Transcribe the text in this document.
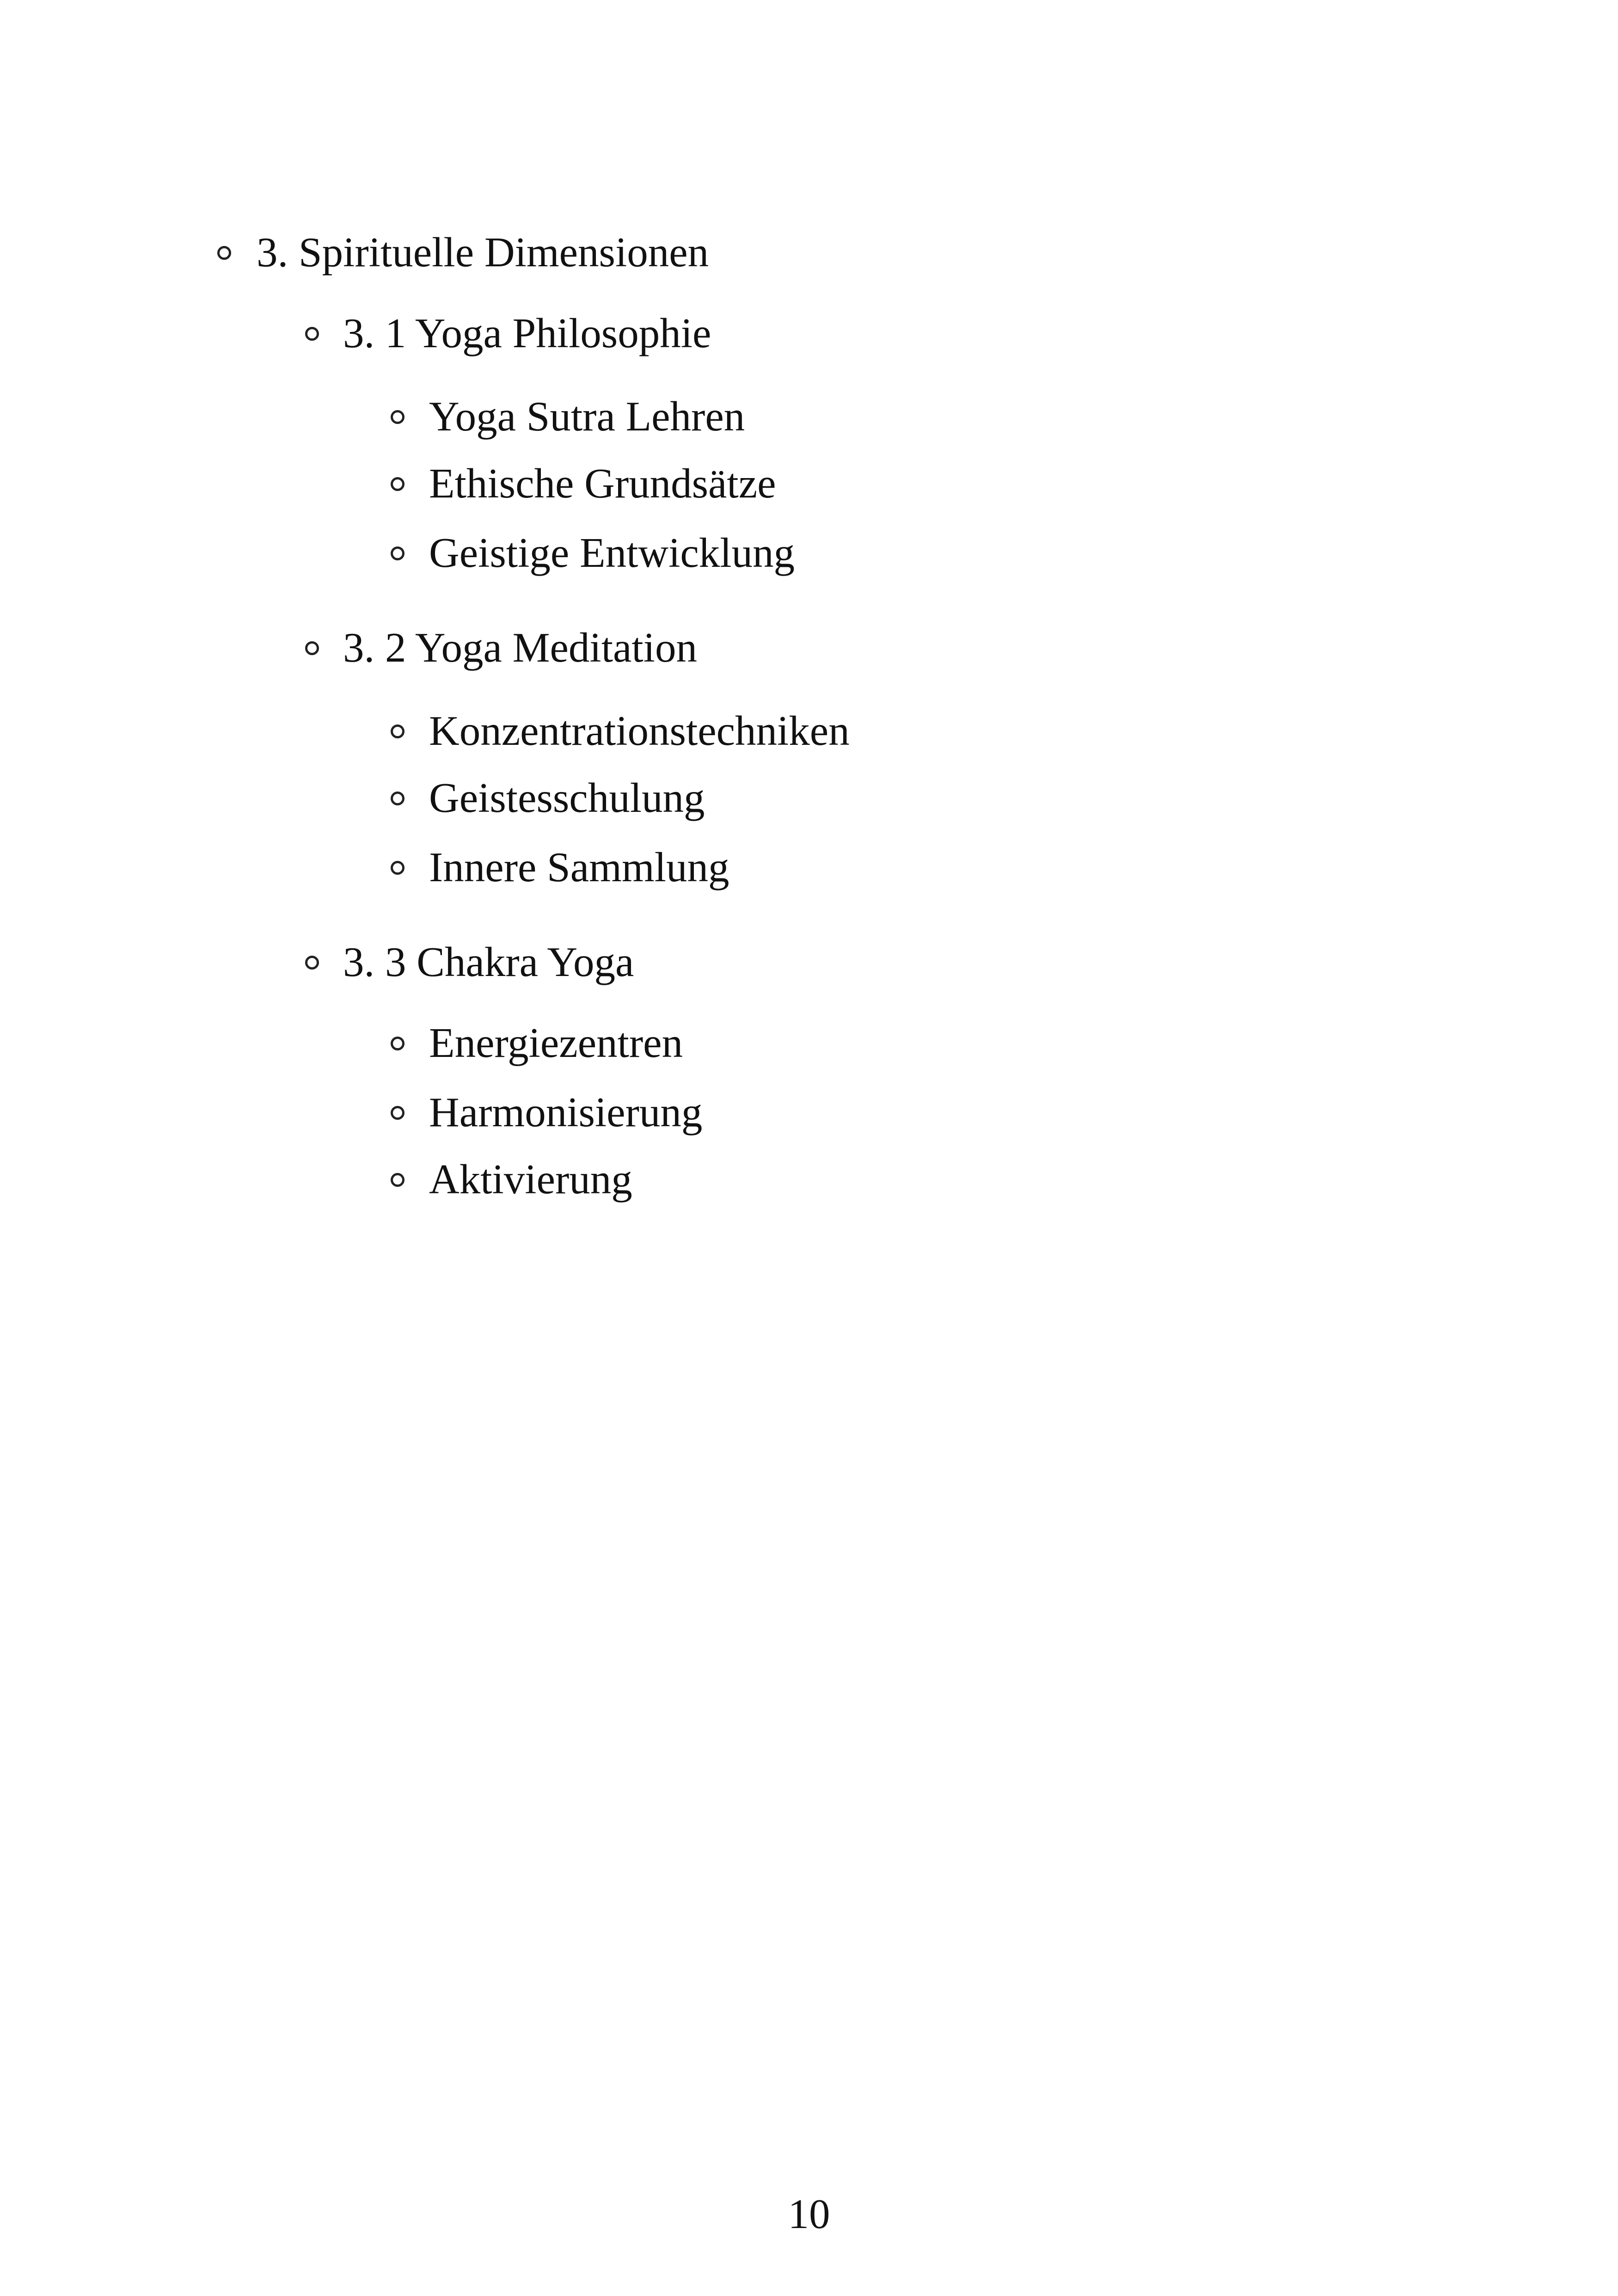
3. Spirituelle Dimensionen
3. 1 Yoga Philosophie
Yoga Sutra Lehren
Ethische Grundsätze
Geistige Entwicklung
3. 2 Yoga Meditation
Konzentrationstechniken
Geistesschulung
Innere Sammlung
3. 3 Chakra Yoga
Energiezentren
Harmonisierung
Aktivierung
10
